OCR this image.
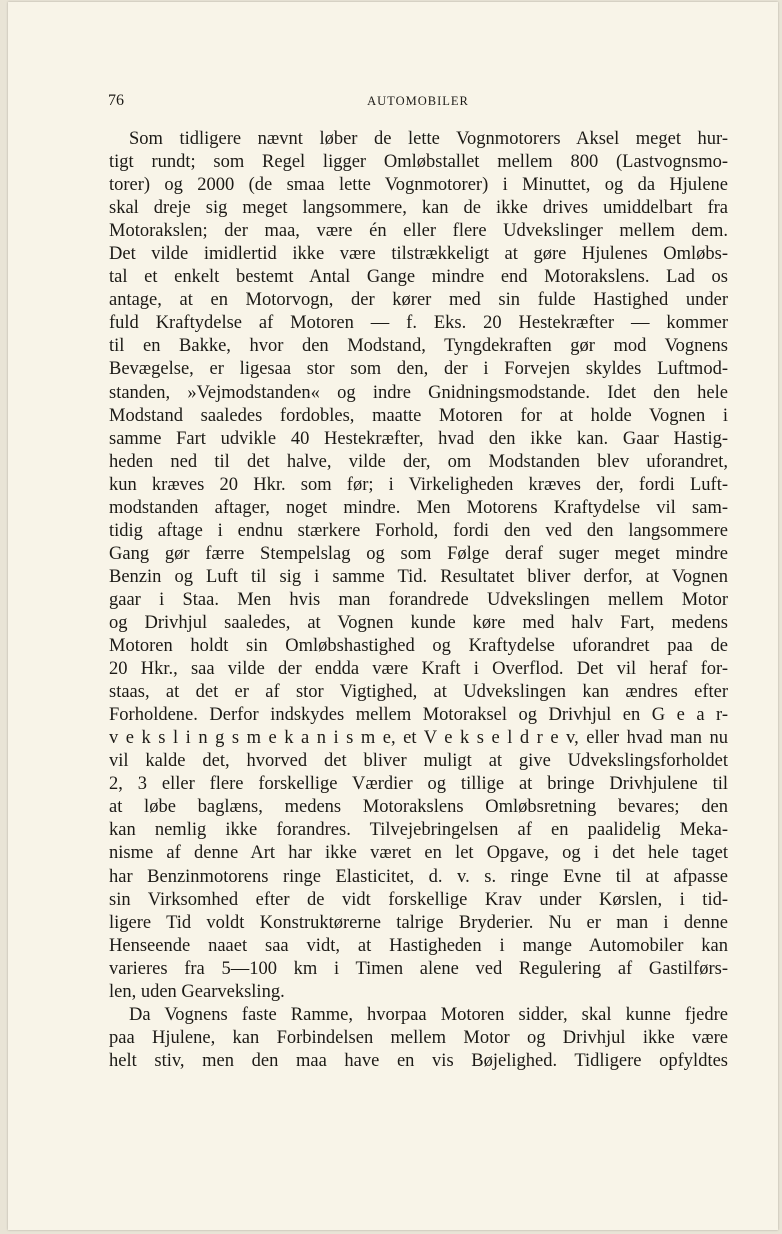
76	AUTOMOBILER

Som tidligere nævnt løber de lette Vognmotorers Aksel meget hur-
tigt rundt; som Regel ligger Omløbstallet mellem 800 (Lastvognsmo-
torer) og 2000 (de smaa lette Vognmotorer) i Minuttet, og da Hjulene
skal dreje sig meget langsommere, kan de ikke drives umiddelbart fra
Motorakslen; der maa, være én eller flere Udvekslinger mellem dem.
Det vilde imidlertid ikke være tilstrækkeligt at gøre Hjulenes Omløbs-
tal et enkelt bestemt Antal Gange mindre end Motorakslens. Lad os
antage, at en Motorvogn, der kører med sin fulde Hastighed under
fuld Kraftydelse af Motoren — f. Eks. 20 Hestekræfter — kommer
til en Bakke, hvor den Modstand, Tyngdekraften gør mod Vognens
Bevægelse, er ligesaa stor som den, der i Forvejen skyldes Luftmod-
standen, »Vejmodstanden« og indre Gnidningsmodstande. Idet den hele
Modstand saaledes fordobles, maatte Motoren for at holde Vognen i
samme Fart udvikle 40 Hestekræfter, hvad den ikke kan. Gaar Hastig-
heden ned til det halve, vilde der, om Modstanden blev uforandret,
kun kræves 20 Hkr. som før; i Virkeligheden kræves der, fordi Luft-
modstanden aftager, noget mindre. Men Motorens Kraftydelse vil sam-
tidig aftage i endnu stærkere Forhold, fordi den ved den langsommere
Gang gør færre Stempelslag og som Følge deraf suger meget mindre
Benzin og Luft til sig i samme Tid. Resultatet bliver derfor, at Vognen
gaar i Staa. Men hvis man forandrede Udvekslingen mellem Motor
og Drivhjul saaledes, at Vognen kunde køre med halv Fart, medens
Motoren holdt sin Omløbshastighed og Kraftydelse uforandret paa de
20 Hkr., saa vilde der endda være Kraft i Overflod. Det vil heraf for-
staas, at det er af stor Vigtighed, at Udvekslingen kan ændres efter
Forholdene. Derfor indskydes mellem Motoraksel og Drivhjul en G e a r-
v e k s l i n g s m e k a n i s m e, et V e k s e l d r e v, eller hvad man nu
vil kalde det, hvorved det bliver muligt at give Udvekslingsforholdet
2, 3 eller flere forskellige Værdier og tillige at bringe Drivhjulene til
at løbe baglæns, medens Motorakslens Omløbsretning bevares; den
kan nemlig ikke forandres. Tilvejebringelsen af en paalidelig Meka-
nisme af denne Art har ikke været en let Opgave, og i det hele taget
har Benzinmotorens ringe Elasticitet, d. v. s. ringe Evne til at afpasse
sin Virksomhed efter de vidt forskellige Krav under Kørslen, i tid-
ligere Tid voldt Konstruktørerne talrige Bryderier. Nu er man i denne
Henseende naaet saa vidt, at Hastigheden i mange Automobiler kan
varieres fra 5—100 km i Timen alene ved Regulering af Gastilførs-
len, uden Gearveksling.

Da Vognens faste Ramme, hvorpaa Motoren sidder, skal kunne fjedre
paa Hjulene, kan Forbindelsen mellem Motor og Drivhjul ikke være
helt stiv, men den maa have en vis Bøjelighed. Tidligere opfyldtes
